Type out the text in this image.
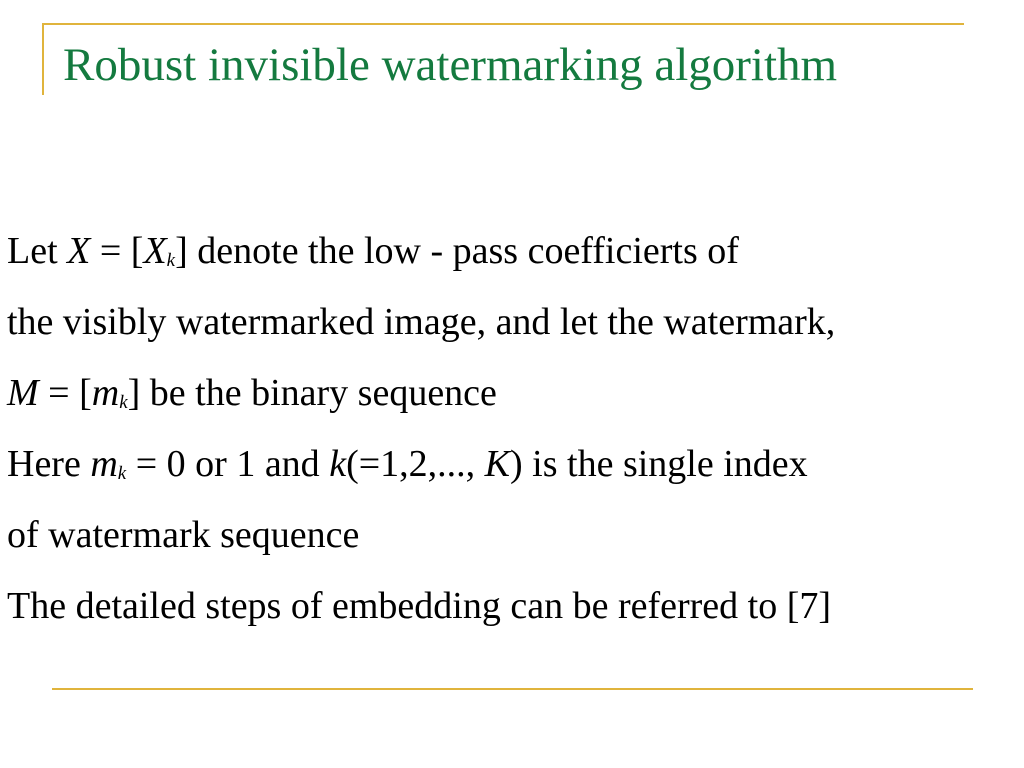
Robust invisible watermarking algorithm
Let X = [Xk] denote the low - pass coefficierts of
the visibly watermarked image, and let the watermark,
M = [mk] be the binary sequence
Here mk = 0 or 1 and k(=1,2,..., K) is the single index
of watermark sequence
The detailed steps of embedding can be referred to [7]
